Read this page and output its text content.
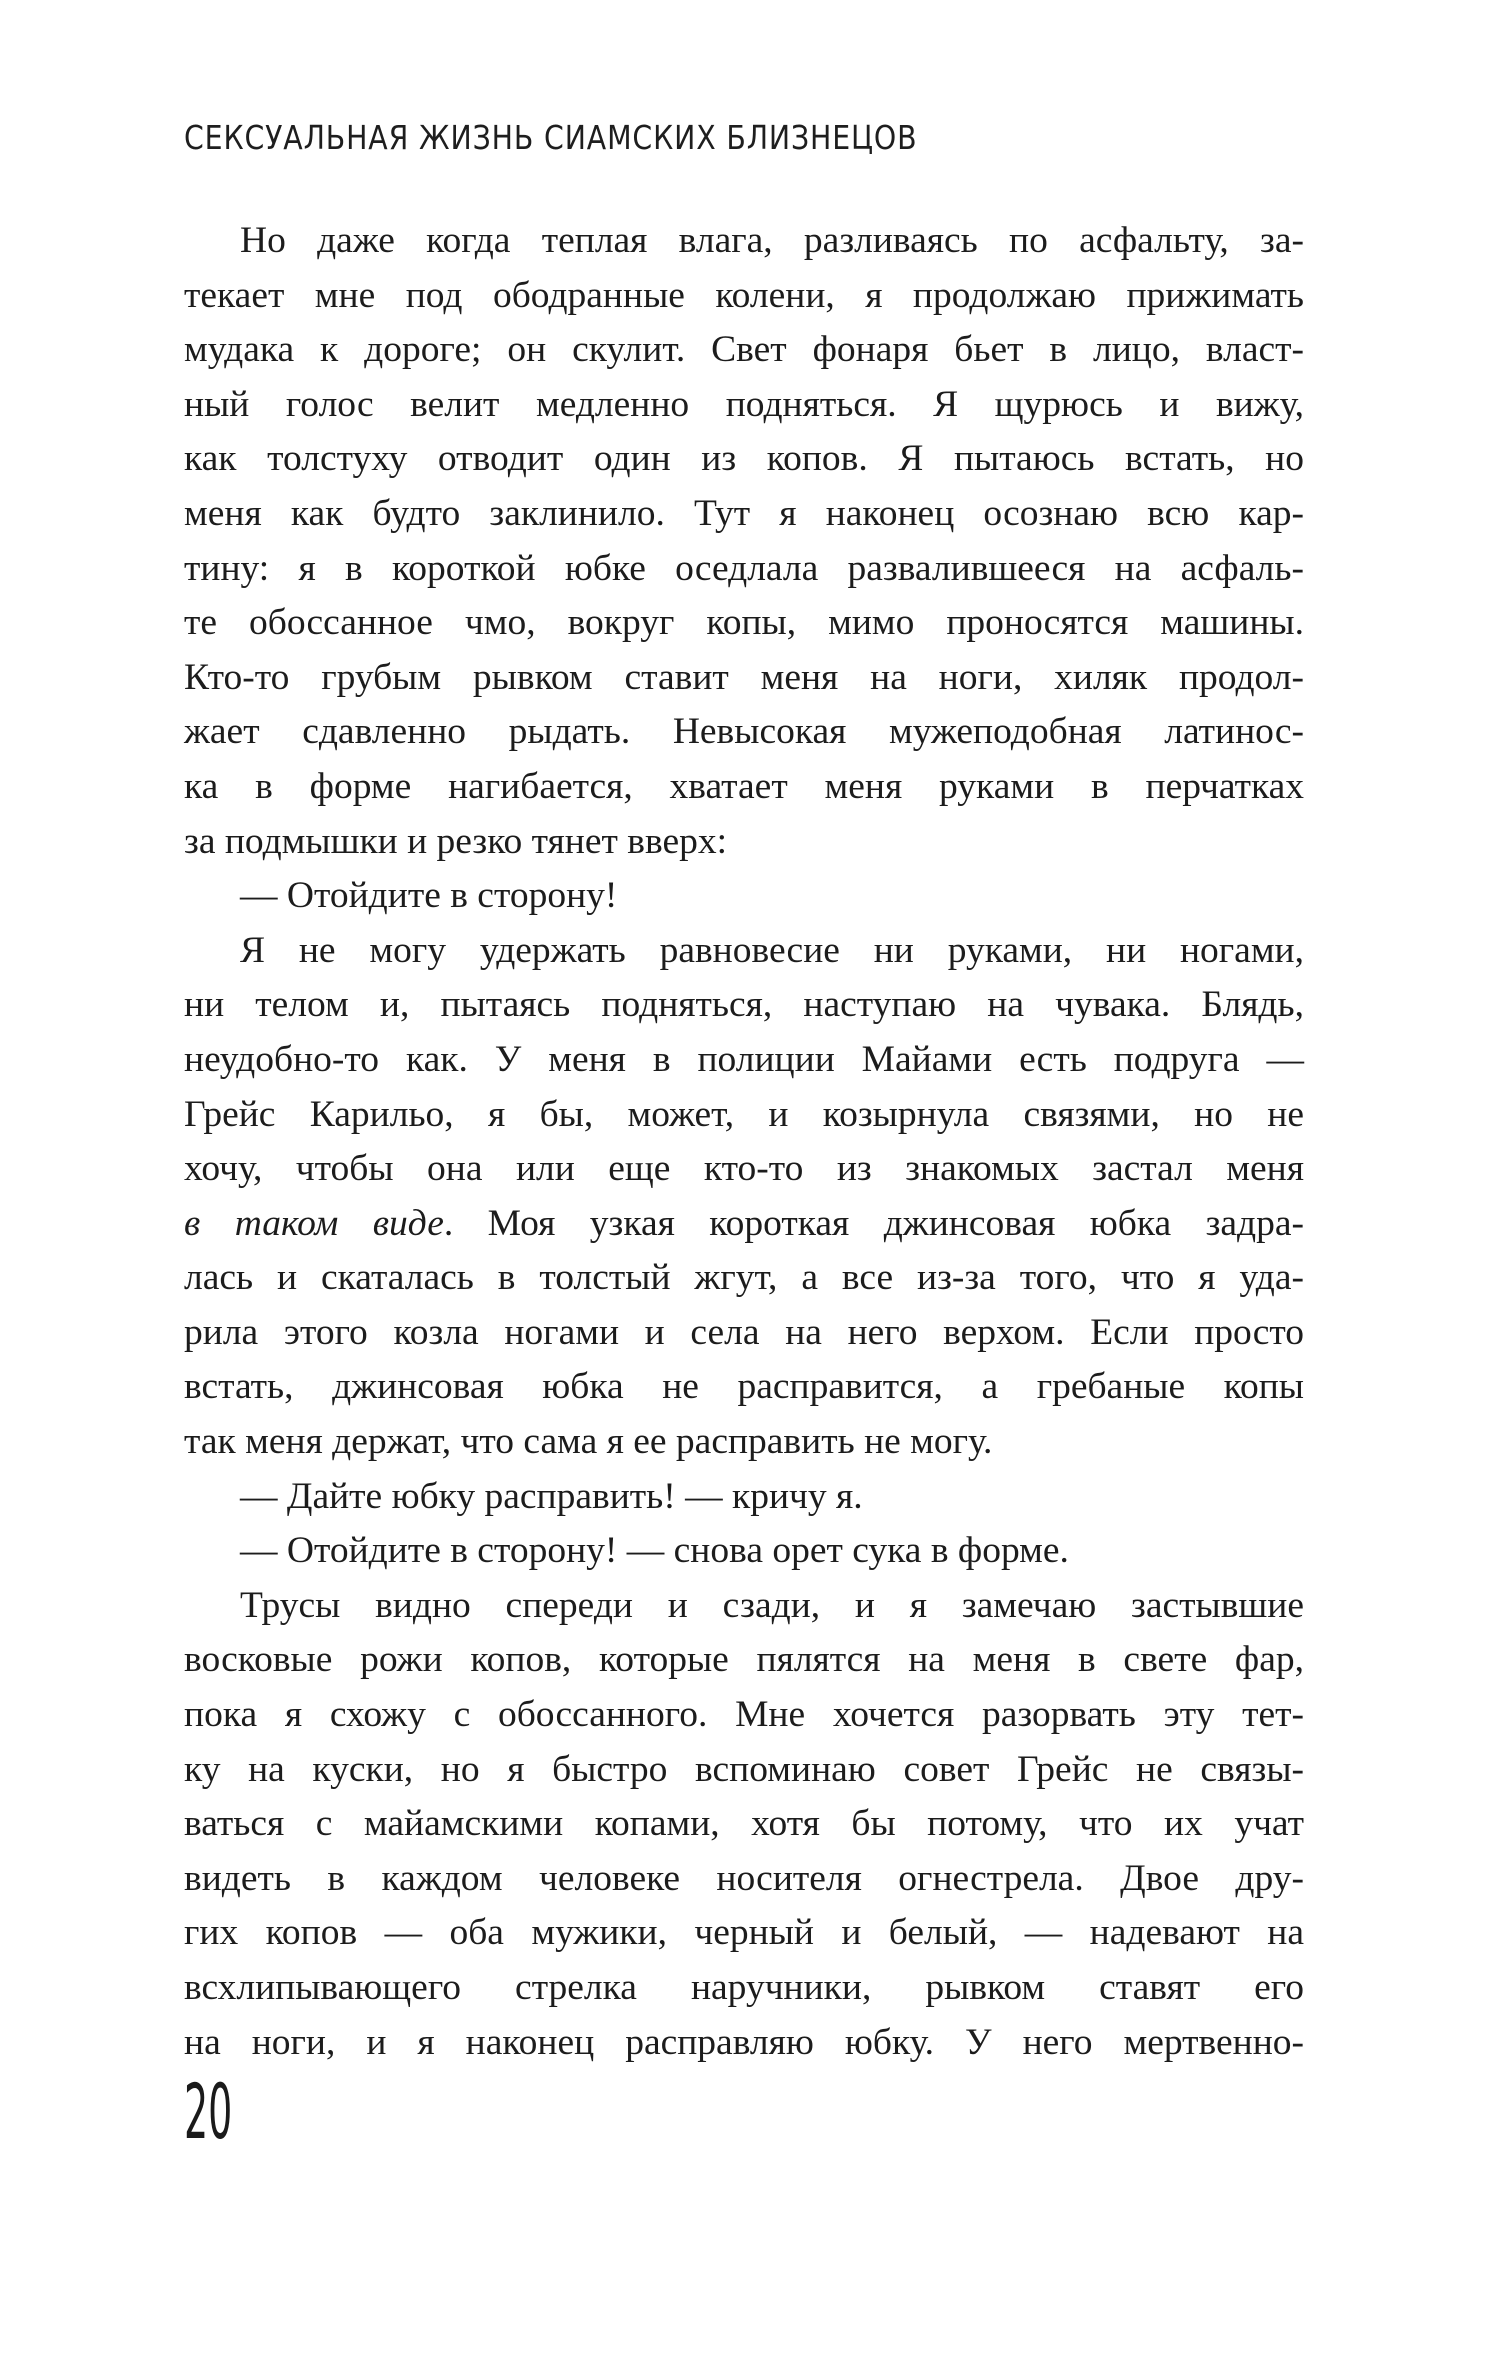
СЕКСУАЛЬНАЯ ЖИЗНЬ СИАМСКИХ БЛИЗНЕЦОВ

Но даже когда теплая влага, разливаясь по асфальту, за-

текает мне под ободранные колени, я продолжаю прижимать

мудака к дороге; он скулит. Свет фонаря бьет в лицо, власт-

ный голос велит медленно подняться. Я щурюсь и вижу,

как толстуху отводит один из копов. Я пытаюсь встать, но

меня как будто заклинило. Тут я наконец осознаю всю кар-

тину: я в короткой юбке оседлала развалившееся на асфаль-

те обоссанное чмо, вокруг копы, мимо проносятся машины.

Кто-то грубым рывком ставит меня на ноги, хиляк продол-

жает сдавленно рыдать. Невысокая мужеподобная латинос-

ка в форме нагибается, хватает меня руками в перчатках

за подмышки и резко тянет вверх:

— Отойдите в сторону!

Я не могу удержать равновесие ни руками, ни ногами,

ни телом и, пытаясь подняться, наступаю на чувака. Блядь,

неудобно-то как. У меня в полиции Майами есть подруга —

Грейс Карильо, я бы, может, и козырнула связями, но не

хочу, чтобы она или еще кто-то из знакомых застал меня

в таком виде. Моя узкая короткая джинсовая юбка задра-

лась и скаталась в толстый жгут, а все из-за того, что я уда-

рила этого козла ногами и села на него верхом. Если просто

встать, джинсовая юбка не расправится, а гребаные копы

так меня держат, что сама я ее расправить не могу.

— Дайте юбку расправить! — кричу я.

— Отойдите в сторону! — снова орет сука в форме.

Трусы видно спереди и сзади, и я замечаю застывшие

восковые рожи копов, которые пялятся на меня в свете фар,

пока я схожу с обоссанного. Мне хочется разорвать эту тет-

ку на куски, но я быстро вспоминаю совет Грейс не связы-

ваться с майамскими копами, хотя бы потому, что их учат

видеть в каждом человеке носителя огнестрела. Двое дру-

гих копов — оба мужики, черный и белый, — надевают на

всхлипывающего стрелка наручники, рывком ставят его

на ноги, и я наконец расправляю юбку. У него мертвенно-

20
